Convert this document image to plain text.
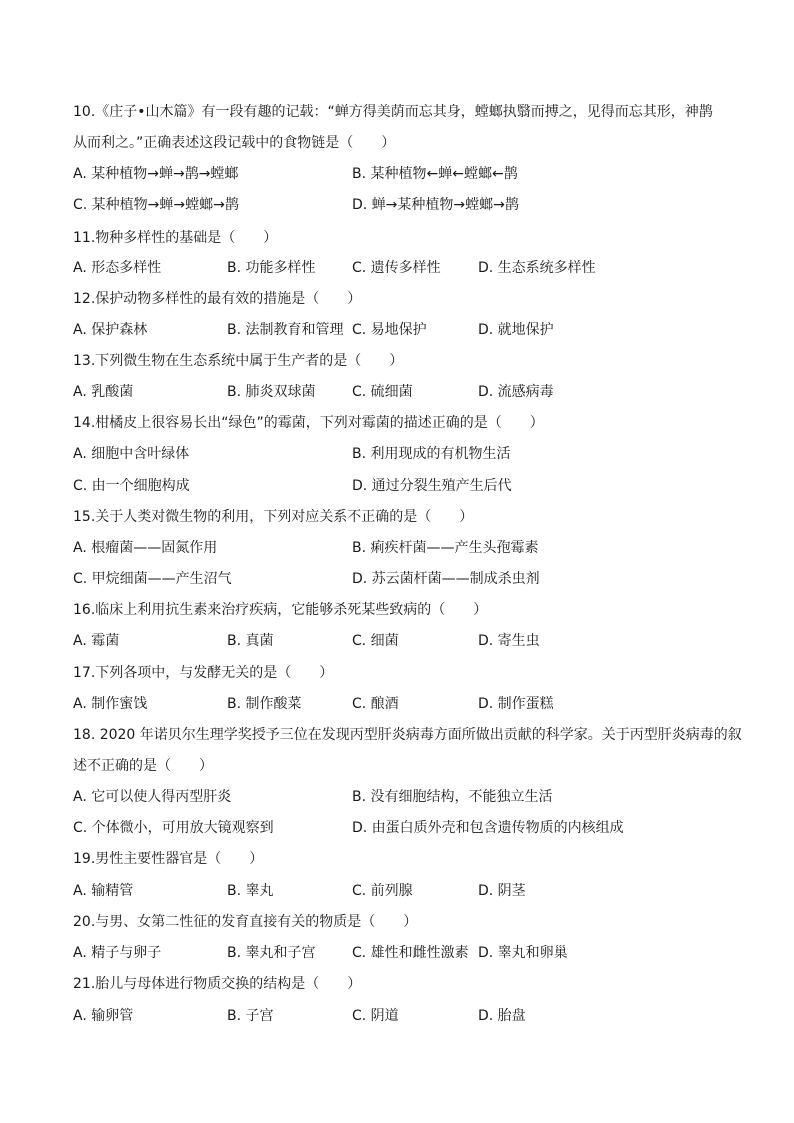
10.《庄子•山木篇》有一段有趣的记载：“蝉方得美荫而忘其身，螳螂执翳而搏之，见得而忘其形，神鹊
从而利之。”正确表述这段记载中的食物链是（　　）
A. 某种植物→蝉→鹊→螳螂	B. 某种植物←蝉←螳螂←鹊
C. 某种植物→蝉→螳螂→鹊	D. 蝉→某种植物→螳螂→鹊
11.物种多样性的基础是（　　）
A. 形态多样性	B. 功能多样性	C. 遗传多样性	D. 生态系统多样性
12.保护动物多样性的最有效的措施是（　　）
A. 保护森林	B. 法制教育和管理 C. 易地保护	D. 就地保护
13.下列微生物在生态系统中属于生产者的是（　　）
A. 乳酸菌	B. 肺炎双球菌	C. 硫细菌	D. 流感病毒
14.柑橘皮上很容易长出“绿色”的霉菌，下列对霉菌的描述正确的是（　　）
A. 细胞中含叶绿体	B. 利用现成的有机物生活
C. 由一个细胞构成	D. 通过分裂生殖产生后代
15.关于人类对微生物的利用，下列对应关系不正确的是（　　）
A. 根瘤菌——固氮作用	B. 痢疾杆菌——产生头孢霉素
C. 甲烷细菌——产生沼气	D. 苏云菌杆菌——制成杀虫剂
16.临床上利用抗生素来治疗疾病，它能够杀死某些致病的（　　）
A. 霉菌	B. 真菌	C. 细菌	D. 寄生虫
17.下列各项中，与发酵无关的是（　　）
A. 制作蜜饯	B. 制作酸菜	C. 酿酒	D. 制作蛋糕
18. 2020 年诺贝尔生理学奖授予三位在发现丙型肝炎病毒方面所做出贡献的科学家。关于丙型肝炎病毒的叙
述不正确的是（　　）
A. 它可以使人得丙型肝炎	B. 没有细胞结构，不能独立生活
C. 个体微小，可用放大镜观察到	D. 由蛋白质外壳和包含遗传物质的内核组成
19.男性主要性器官是（　　）
A. 输精管	B. 睾丸	C. 前列腺	D. 阴茎
20.与男、女第二性征的发育直接有关的物质是（　　）
A. 精子与卵子	B. 睾丸和子宫	C. 雄性和雌性激素 D. 睾丸和卵巢
21.胎儿与母体进行物质交换的结构是（　　）
A. 输卵管	B. 子宫	C. 阴道	D. 胎盘
